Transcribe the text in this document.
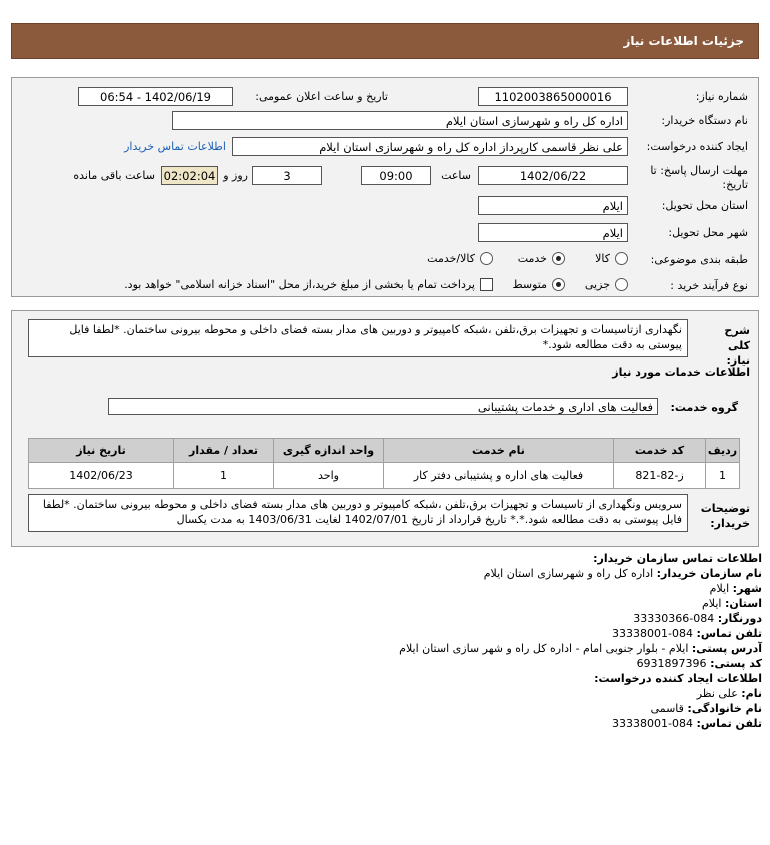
جزئیات اطلاعات نیاز
شماره نیاز:
1102003865000016
تاریخ و ساعت اعلان عمومی:
1402/06/19 - 06:54
نام دستگاه خریدار:
اداره کل راه و شهرسازی استان ایلام
ایجاد کننده درخواست:
علی نظر قاسمی کارپرداز اداره کل راه و شهرسازی استان ایلام
اطلاعات تماس خریدار
مهلت ارسال پاسخ: تا تاریخ:
1402/06/22
ساعت
09:00
3
روز و
02:02:04
ساعت باقی مانده
استان محل تحویل:
ایلام
شهر محل تحویل:
ایلام
طبقه بندی موضوعی:
کالا
خدمت
کالا/خدمت
نوع فرآیند خرید :
جزیی
متوسط
پرداخت تمام یا بخشی از مبلغ خرید،از محل "اسناد خزانه اسلامی" خواهد بود.
شرح کلی نیاز:
نگهداری ازتاسیسات و تجهیزات برق،تلفن ،شبکه کامپیوتر و دوربین های مدار بسته فضای داخلی و محوطه بیرونی ساختمان. *لطفا فایل پیوستی به دقت مطالعه شود.*
اطلاعات خدمات مورد نیاز
گروه خدمت:
فعالیت های اداری و خدمات پشتیبانی
ردیف	کد خدمت	نام خدمت	واحد اندازه گیری	تعداد / مقدار	تاریخ نیاز
1	ز-82-821	فعالیت های اداره و پشتیبانی دفتر کار	واحد	1	1402/06/23
توضیحات خریدار:
سرویس ونگهداری از تاسیسات و تجهیزات برق،تلفن ،شبکه کامپیوتر و دوربین های مدار بسته فضای داخلی و محوطه بیرونی ساختمان. *لطفا فایل پیوستی به دقت مطالعه شود.*.* تاریخ قرارداد از تاریخ 1402/07/01 لغایت 1403/06/31 به مدت یکسال
اطلاعات تماس سازمان خریدار:
نام سازمان خریدار: اداره کل راه و شهرسازی استان ایلام
شهر: ایلام
استان: ایلام
دورنگار: 084-33330366
تلفن تماس: 084-33338001
آدرس پستی: ایلام - بلوار جنوبی امام - اداره کل راه و شهر سازی استان ایلام
کد پستی: 6931897396
اطلاعات ایجاد کننده درخواست:
نام: علی نظر
نام خانوادگی: قاسمی
تلفن تماس: 084-33338001
